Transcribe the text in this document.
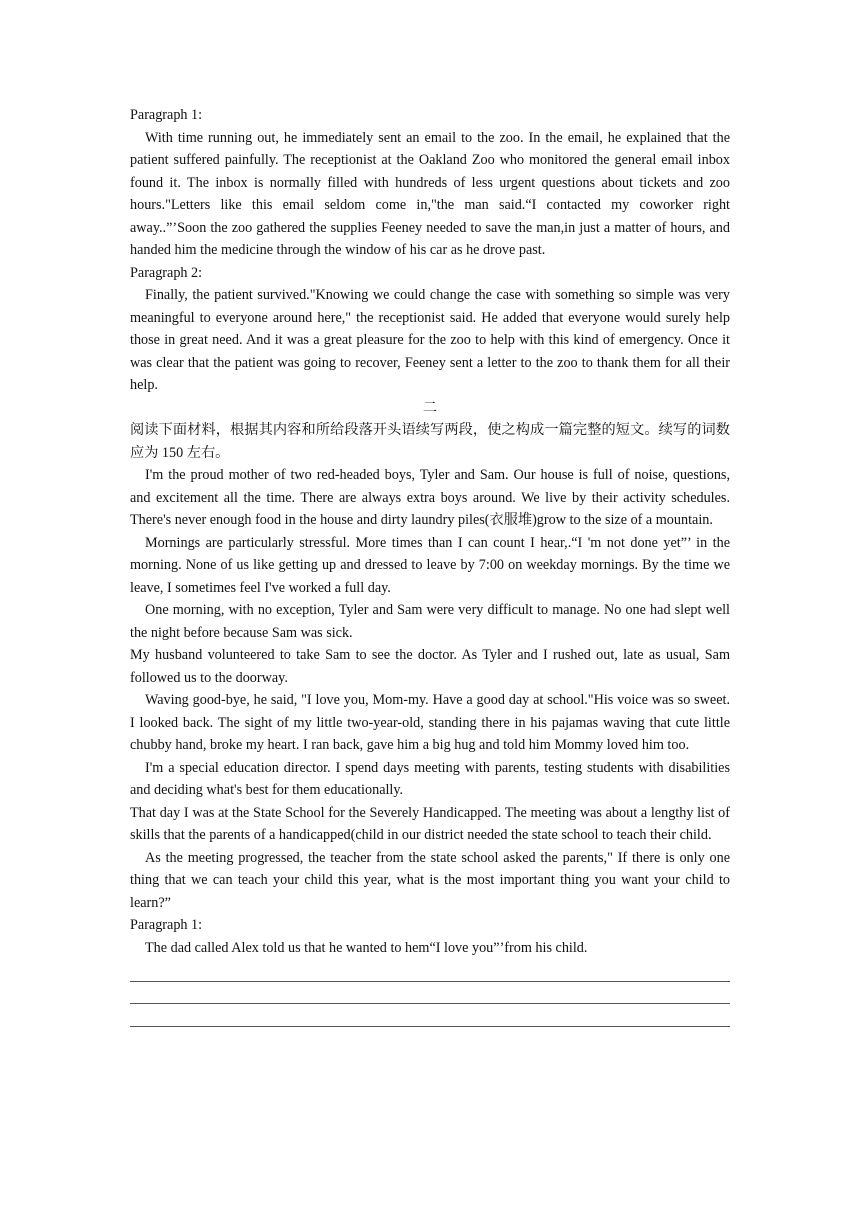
Paragraph 1:

With time running out, he immediately sent an email to the zoo. In the email, he explained that the patient suffered painfully. The receptionist at the Oakland Zoo who monitored the general email inbox found it. The inbox is normally filled with hundreds of less urgent questions about tickets and zoo hours."Letters like this email seldom come in,"the man said.“I contacted my coworker right away..”’Soon the zoo gathered the supplies Feeney needed to save the man,in just a matter of hours, and handed him the medicine through the window of his car as he drove past.

Paragraph 2:

Finally, the patient survived."Knowing we could change the case with something so simple was very meaningful to everyone around here," the receptionist said. He added that everyone would surely help those in great need. And it was a great pleasure for the zoo to help with this kind of emergency. Once it was clear that the patient was going to recover, Feeney sent a letter to the zoo to thank them for all their help.

二

阅读下面材料，根据其内容和所给段落开头语续写两段，使之构成一篇完整的短文。续写的词数应为 150 左右。

I'm the proud mother of two red-headed boys, Tyler and Sam. Our house is full of noise, questions, and excitement all the time. There are always extra boys around. We live by their activity schedules. There's never enough food in the house and dirty laundry piles(衣服堆)grow to the size of a mountain.

Mornings are particularly stressful. More times than I can count I hear,.“I 'm not done yet”’ in the morning. None of us like getting up and dressed to leave by 7:00 on weekday mornings. By the time we leave, I sometimes feel I've worked a full day.

One morning, with no exception, Tyler and Sam were very difficult to manage. No one had slept well the night before because Sam was sick.

My husband volunteered to take Sam to see the doctor. As Tyler and I rushed out, late as usual, Sam followed us to the doorway.

Waving good-bye, he said, "I love you, Mom-my. Have a good day at school."His voice was so sweet. I looked back. The sight of my little two-year-old, standing there in his pajamas waving that cute little chubby hand, broke my heart. I ran back, gave him a big hug and told him Mommy loved him too.

I'm a special education director. I spend days meeting with parents, testing students with disabilities and deciding what's best for them educationally.

That day I was at the State School for the Severely Handicapped. The meeting was about a lengthy list of skills that the parents of a handicapped(child in our district needed the state school to teach their child.

As the meeting progressed, the teacher from the state school asked the parents," If there is only one thing that we can teach your child this year, what is the most important thing you want your child to learn?”

Paragraph 1:

The dad called Alex told us that he wanted to hem“I love you”’from his child.
